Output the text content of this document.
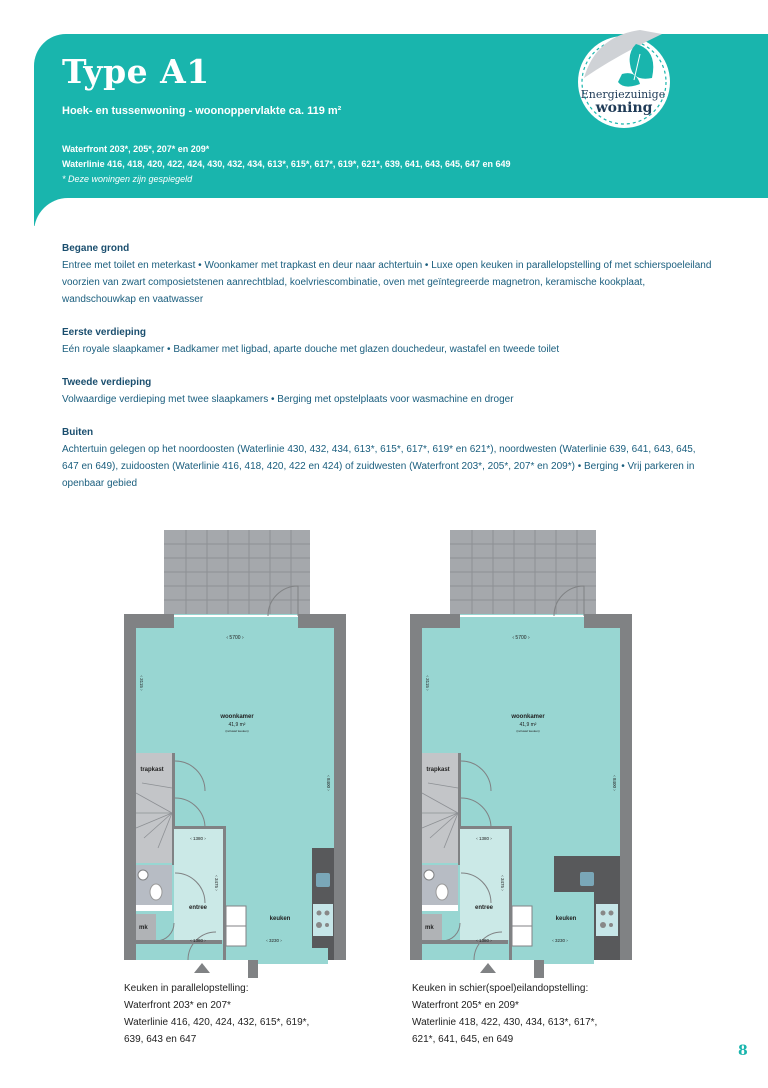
Type A1
Hoek- en tussenwoning - woonoppervlakte ca. 119 m²
Waterfront 203*, 205*, 207* en 209*
Waterlinie 416, 418, 420, 422, 424, 430, 432, 434, 613*, 615*, 617*, 619*, 621*, 639, 641, 643, 645, 647 en 649
* Deze woningen zijn gespiegeld
Energiezuinige
woning
Begane grond
Entree met toilet en meterkast • Woonkamer met trapkast en deur naar achtertuin • Luxe open keuken in parallelopstelling of met schierspoeleiland voorzien van zwart composietstenen aanrechtblad, koelvriescombinatie, oven met geïntegreerde magnetron, keramische kookplaat, wandschouwkap en vaatwasser
Eerste verdieping
Eén royale slaapkamer • Badkamer met ligbad, aparte douche met glazen douchedeur, wastafel en tweede toilet
Tweede verdieping
Volwaardige verdieping met twee slaapkamers • Berging met opstelplaats voor wasmachine en droger
Buiten
Achtertuin gelegen op het noordoosten (Waterlinie 430, 432, 434, 613*, 615*, 617*, 619* en 621*), noordwesten (Waterlinie 639, 641, 643, 645, 647 en 649), zuidoosten (Waterlinie 416, 418, 420, 422 en 424) of zuidwesten (Waterfront 203*, 205*, 207* en 209*) • Berging • Vrij parkeren in openbaar gebied
‹ 5700 ›
woonkamer
41,9 m²
(inclusief keuken)
trapkast
entree
keuken
mk
‹ 1380 ›
‹ 1380 ›	‹ 3230 ›
‹ 3115 ›
‹ 8400 ›
‹ 3475 ›
‹ 5700 ›
woonkamer
41,9 m²
(inclusief keuken)
trapkast
entree
keuken
mk
‹ 1380 ›
‹ 1380 ›	‹ 3230 ›
‹ 3115 ›
‹ 8400 ›
‹ 3475 ›
Keuken in parallelopstelling:
Waterfront 203* en 207*
Waterlinie 416, 420, 424, 432, 615*, 619*,
639, 643 en 647
Keuken in schier(spoel)eilandopstelling:
Waterfront 205* en 209*
Waterlinie 418, 422, 430, 434, 613*, 617*,
621*, 641, 645, en 649
8
